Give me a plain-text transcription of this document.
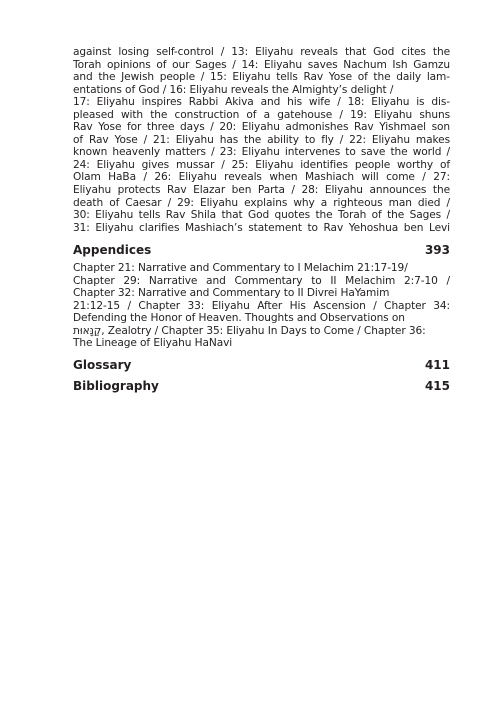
against losing self-control / 13: Eliyahu reveals that God cites the
Torah opinions of our Sages / 14: Eliyahu saves Nachum Ish Gamzu
and the Jewish people / 15: Eliyahu tells Rav Yose of the daily lam-
entations of God / 16: Eliyahu reveals the Almighty’s delight /
17: Eliyahu inspires Rabbi Akiva and his wife / 18: Eliyahu is dis-
pleased with the construction of a gatehouse / 19: Eliyahu shuns
Rav Yose for three days / 20: Eliyahu admonishes Rav Yishmael son
of Rav Yose / 21: Eliyahu has the ability to fly / 22: Eliyahu makes
known heavenly matters / 23: Eliyahu intervenes to save the world /
24: Eliyahu gives mussar / 25: Eliyahu identifies people worthy of
Olam HaBa / 26: Eliyahu reveals when Mashiach will come / 27:
Eliyahu protects Rav Elazar ben Parta / 28: Eliyahu announces the
death of Caesar / 29: Eliyahu explains why a righteous man died /
30: Eliyahu tells Rav Shila that God quotes the Torah of the Sages /
31: Eliyahu clarifies Mashiach’s statement to Rav Yehoshua ben Levi
Appendices	393
Chapter 21: Narrative and Commentary to I Melachim 21:17-19/
Chapter 29: Narrative and Commentary to II Melachim 2:7-10 /
Chapter 32: Narrative and Commentary to II Divrei HaYamim
21:12-15 / Chapter 33: Eliyahu After His Ascension / Chapter 34:
Defending the Honor of Heaven. Thoughts and Observations on
קַנָּאוּת, Zealotry / Chapter 35: Eliyahu In Days to Come / Chapter 36:
The Lineage of Eliyahu HaNavi
Glossary	411
Bibliography	415
